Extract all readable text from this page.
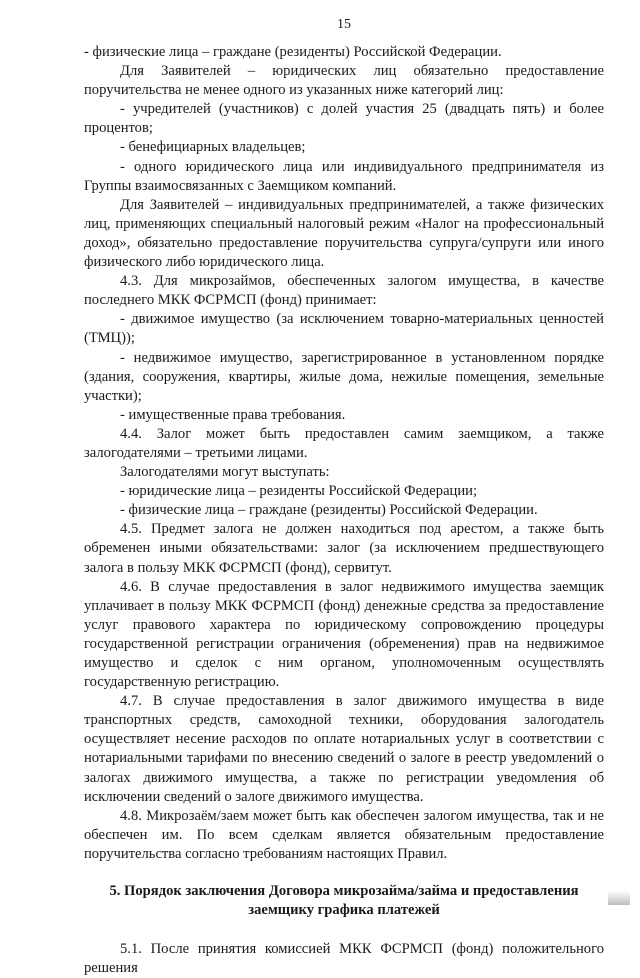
15

- физические лица – граждане (резиденты) Российской Федерации.

Для Заявителей – юридических лиц обязательно предоставление поручительства не менее одного из указанных ниже категорий лиц:

- учредителей (участников) с долей участия 25 (двадцать пять) и более процентов;

- бенефициарных владельцев;

- одного юридического лица или индивидуального предпринимателя из Группы взаимосвязанных с Заемщиком компаний.

Для Заявителей – индивидуальных предпринимателей, а также физических лиц, применяющих специальный налоговый режим «Налог на профессиональный доход», обязательно предоставление поручительства супруга/супруги или иного физического либо юридического лица.

4.3. Для микрозаймов, обеспеченных залогом имущества, в качестве последнего МКК ФСРМСП (фонд) принимает:

- движимое имущество (за исключением товарно-материальных ценностей (ТМЦ));

- недвижимое имущество, зарегистрированное в установленном порядке (здания, сооружения, квартиры, жилые дома, нежилые помещения, земельные участки);

- имущественные права требования.

4.4. Залог может быть предоставлен самим заемщиком, а также залогодателями – третьими лицами.

Залогодателями могут выступать:

- юридические лица – резиденты Российской Федерации;

- физические лица – граждане (резиденты) Российской Федерации.

4.5. Предмет залога не должен находиться под арестом, а также быть обременен иными обязательствами: залог (за исключением предшествующего залога в пользу МКК ФСРМСП (фонд), сервитут.

4.6. В случае предоставления в залог недвижимого имущества заемщик уплачивает в пользу МКК ФСРМСП (фонд) денежные средства за предоставление услуг правового характера по юридическому сопровождению процедуры государственной регистрации ограничения (обременения) прав на недвижимое имущество и сделок с ним органом, уполномоченным осуществлять государственную регистрацию.

4.7. В случае предоставления в залог движимого имущества в виде транспортных средств, самоходной техники, оборудования залогодатель осуществляет несение расходов по оплате нотариальных услуг в соответствии с нотариальными тарифами по внесению сведений о залоге в реестр уведомлений о залогах движимого имущества, а также по регистрации уведомления об исключении сведений о залоге движимого имущества.

4.8. Микрозаём/заем может быть как обеспечен залогом имущества, так и не обеспечен им. По всем сделкам является обязательным предоставление поручительства согласно требованиям настоящих Правил.

5. Порядок заключения Договора микрозайма/займа и предоставления
заемщику графика платежей

5.1. После принятия комиссией МКК ФСРМСП (фонд) положительного решения
